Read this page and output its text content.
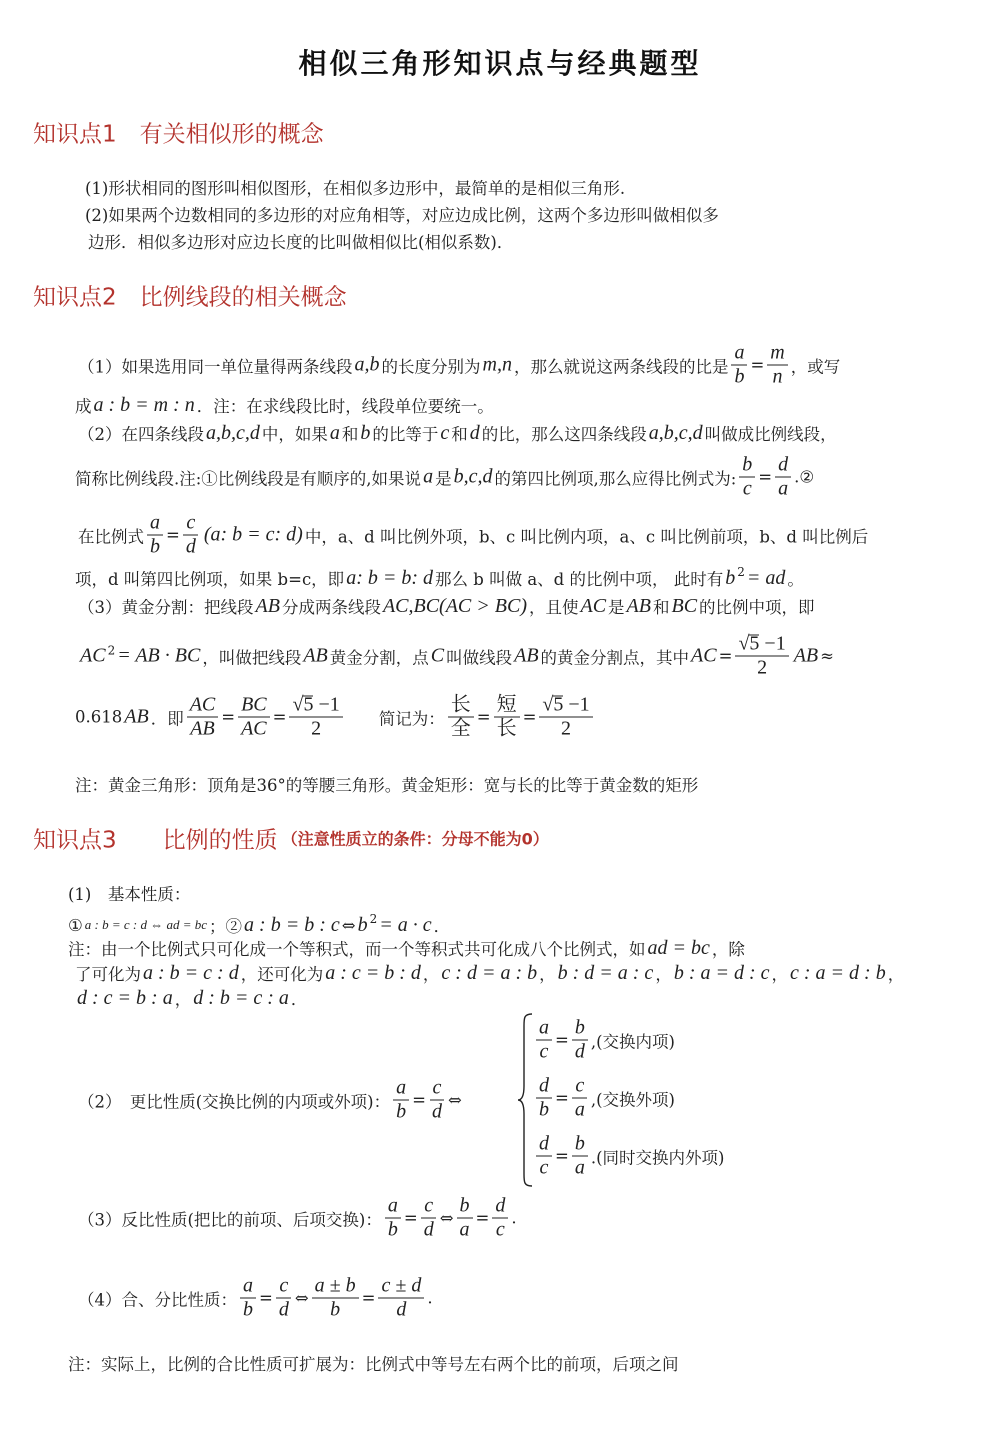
相似三角形知识点与经典题型
知识点1　有关相似形的概念
(1)形状相同的图形叫相似图形，在相似多边形中，最简单的是相似三角形.
(2)如果两个边数相同的多边形的对应角相等，对应边成比例，这两个多边形叫做相似多
边形．相似多边形对应边长度的比叫做相似比(相似系数)．
知识点2　比例线段的相关概念
（1）如果选用同一单位量得两条线段 a,b 的长度分别为 m,n ，那么就说这两条线段的比是 $\frac{a}{b} = \frac{m}{n}$ ，或写
成 a : b = m : n ．注：在求线段比时，线段单位要统一。
（2）在四条线段 a,b,c,d 中，如果 a 和 b 的比等于 c 和 d 的比，那么这四条线段 a,b,c,d 叫做成比例线段，
简称比例线段.注:①比例线段是有顺序的,如果说 a 是 b,c,d 的第四比例项,那么应得比例式为: $\frac{b}{c} = \frac{d}{a}$ .②
在比例式 $\frac{a}{b} = \frac{c}{d} (a$: b = c: d) 中，a、d 叫比例外项，b、c 叫比例内项，a、c 叫比例前项，b、d 叫比例后
项，d 叫第四比例项，如果 b=c，即 a: b = b: d 那么 b 叫做 a、d 的比例中项， 此时有 b 2 = ad 。
（3）黄金分割：把线段 AB 分成两条线段 AC,BC(AC > BC) ，且使 AC 是 AB 和 BC 的比例中项，即
AC 2 = AB · BC ，叫做把线段 AB 黄金分割，点 C 叫做线段 AB 的黄金分割点，其中 AC = $\frac{√5 -1}{2}$ AB ≈
0.618 AB ．即 $\frac{AC}{AB} = \frac{BC}{AC} = \frac{√5 -1}{2}$ 　　简记为： $\frac{\text{长}}{\text{全}} = \frac{\text{短}}{\text{长}} = \frac{√5 -1}{2}$
注：黄金三角形：顶角是36°的等腰三角形。黄金矩形：宽与长的比等于黄金数的矩形
知识点3　　比例的性质 （注意性质立的条件：分母不能为0）
(1)　基本性质：
① a : b = c : d ⇔ ad = bc ；② a : b = b : c ⇔ b 2 = a · c ．
注：由一个比例式只可化成一个等积式，而一个等积式共可化成八个比例式，如 ad = bc ，除
了可化为 a : b = c : d ，还可化为 a : c = b : d ， c : d = a : b ， b : d = a : c ， b : a = d : c ， c : a = d : b ，
d : c = b : a ， d : b = c : a ．
（2）　更比性质(交换比例的内项或外项)： $\frac{a}{b} = \frac{c}{d}$ ⇔
$\frac{a}{c} = \frac{b}{d}$ ,(交换内项)
$\frac{d}{b} = \frac{c}{a}$ ,(交换外项)
$\frac{d}{c} = \frac{b}{a}$ .(同时交换内外项)
（3）反比性质(把比的前项、后项交换)： $\frac{a}{b} = \frac{c}{d}$ ⇔ $\frac{b}{a} = \frac{d}{c}$ .
（4）合、分比性质： $\frac{a}{b} = \frac{c}{d}$ ⇔ $\frac{a \pm b}{b} = \frac{c \pm d}{d}$ .
注：实际上，比例的合比性质可扩展为：比例式中等号左右两个比的前项，后项之间
